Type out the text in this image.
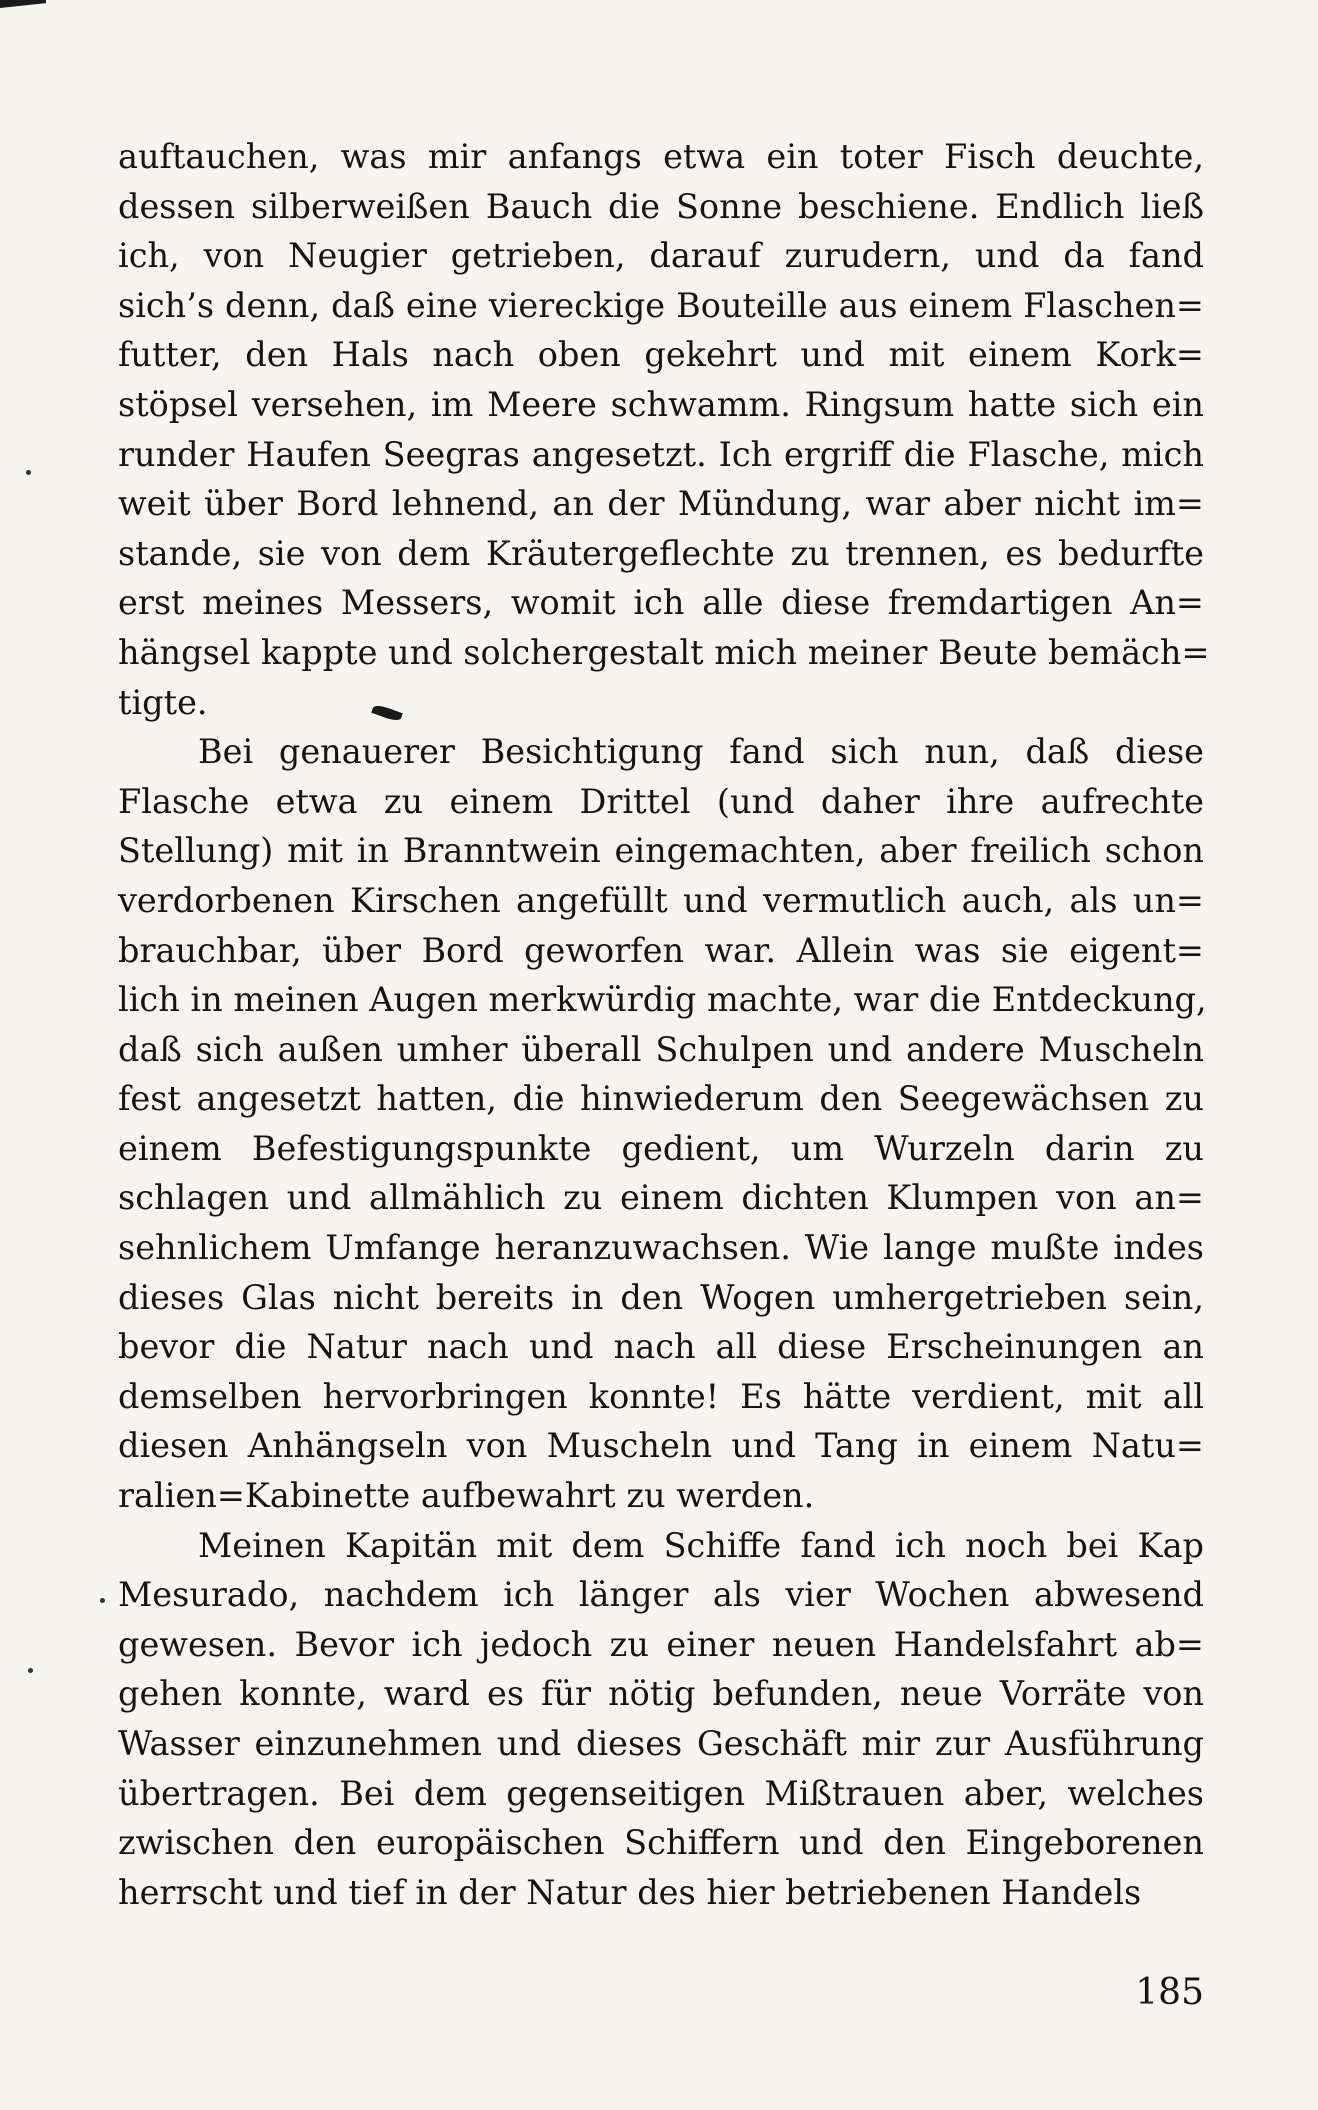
auftauchen, was mir anfangs etwa ein toter Fisch deuchte,
dessen silberweißen Bauch die Sonne beschiene. Endlich ließ
ich, von Neugier getrieben, darauf zurudern, und da fand
sich’s denn, daß eine viereckige Bouteille aus einem Flaschen=
futter, den Hals nach oben gekehrt und mit einem Kork=
stöpsel versehen, im Meere schwamm. Ringsum hatte sich ein
runder Haufen Seegras angesetzt. Ich ergriff die Flasche, mich
weit über Bord lehnend, an der Mündung, war aber nicht im=
stande, sie von dem Kräutergeflechte zu trennen, es bedurfte
erst meines Messers, womit ich alle diese fremdartigen An=
hängsel kappte und solchergestalt mich meiner Beute bemäch=
tigte.

Bei genauerer Besichtigung fand sich nun, daß diese
Flasche etwa zu einem Drittel (und daher ihre aufrechte
Stellung) mit in Branntwein eingemachten, aber freilich schon
verdorbenen Kirschen angefüllt und vermutlich auch, als un=
brauchbar, über Bord geworfen war. Allein was sie eigent=
lich in meinen Augen merkwürdig machte, war die Entdeckung,
daß sich außen umher überall Schulpen und andere Muscheln
fest angesetzt hatten, die hinwiederum den Seegewächsen zu
einem Befestigungspunkte gedient, um Wurzeln darin zu
schlagen und allmählich zu einem dichten Klumpen von an=
sehnlichem Umfange heranzuwachsen. Wie lange mußte indes
dieses Glas nicht bereits in den Wogen umhergetrieben sein,
bevor die Natur nach und nach all diese Erscheinungen an
demselben hervorbringen konnte! Es hätte verdient, mit all
diesen Anhängseln von Muscheln und Tang in einem Natu=
ralien=Kabinette aufbewahrt zu werden.

Meinen Kapitän mit dem Schiffe fand ich noch bei Kap
Mesurado, nachdem ich länger als vier Wochen abwesend
gewesen. Bevor ich jedoch zu einer neuen Handelsfahrt ab=
gehen konnte, ward es für nötig befunden, neue Vorräte von
Wasser einzunehmen und dieses Geschäft mir zur Ausführung
übertragen. Bei dem gegenseitigen Mißtrauen aber, welches
zwischen den europäischen Schiffern und den Eingeborenen
herrscht und tief in der Natur des hier betriebenen Handels

185
